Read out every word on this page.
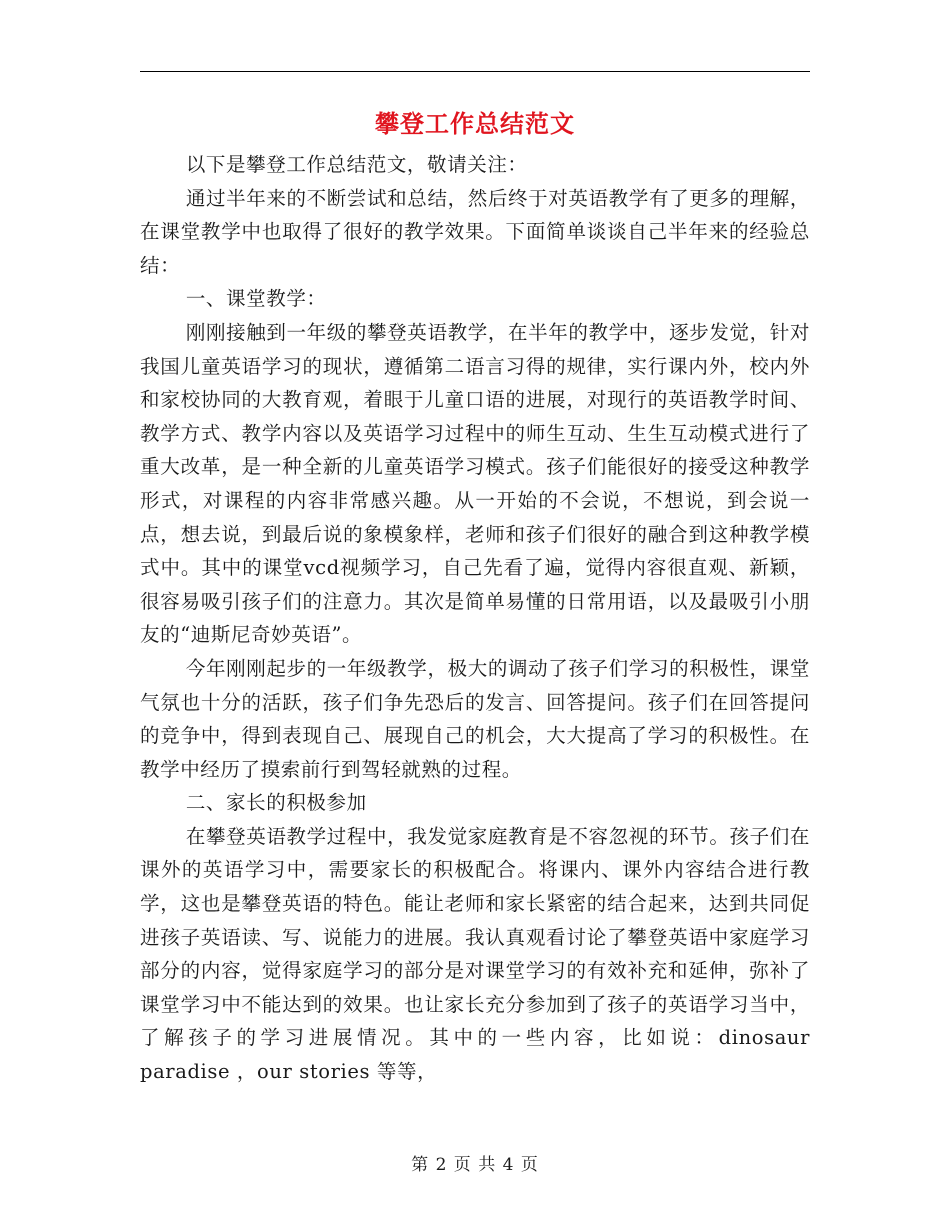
攀登工作总结范文

以下是攀登工作总结范文，敬请关注：

通过半年来的不断尝试和总结，然后终于对英语教学有了更多的理解，在课堂教学中也取得了很好的教学效果。下面简单谈谈自己半年来的经验总结：

一、课堂教学：

刚刚接触到一年级的攀登英语教学，在半年的教学中，逐步发觉，针对我国儿童英语学习的现状，遵循第二语言习得的规律，实行课内外，校内外和家校协同的大教育观，着眼于儿童口语的进展，对现行的英语教学时间、教学方式、教学内容以及英语学习过程中的师生互动、生生互动模式进行了重大改革，是一种全新的儿童英语学习模式。孩子们能很好的接受这种教学形式，对课程的内容非常感兴趣。从一开始的不会说，不想说，到会说一点，想去说，到最后说的象模象样，老师和孩子们很好的融合到这种教学模式中。其中的课堂vcd视频学习，自己先看了遍，觉得内容很直观、新颖，很容易吸引孩子们的注意力。其次是简单易懂的日常用语，以及最吸引小朋友的“迪斯尼奇妙英语”。

今年刚刚起步的一年级教学，极大的调动了孩子们学习的积极性，课堂气氛也十分的活跃，孩子们争先恐后的发言、回答提问。孩子们在回答提问的竞争中，得到表现自己、展现自己的机会，大大提高了学习的积极性。在教学中经历了摸索前行到驾轻就熟的过程。

二、家长的积极参加

在攀登英语教学过程中，我发觉家庭教育是不容忽视的环节。孩子们在课外的英语学习中，需要家长的积极配合。将课内、课外内容结合进行教学，这也是攀登英语的特色。能让老师和家长紧密的结合起来，达到共同促进孩子英语读、写、说能力的进展。我认真观看讨论了攀登英语中家庭学习部分的内容，觉得家庭学习的部分是对课堂学习的有效补充和延伸，弥补了课堂学习中不能达到的效果。也让家长充分参加到了孩子的英语学习当中，了解孩子的学习进展情况。其中的一些内容，比如说：dinosaur paradise ，our stories 等等，

第 2 页 共 4 页
